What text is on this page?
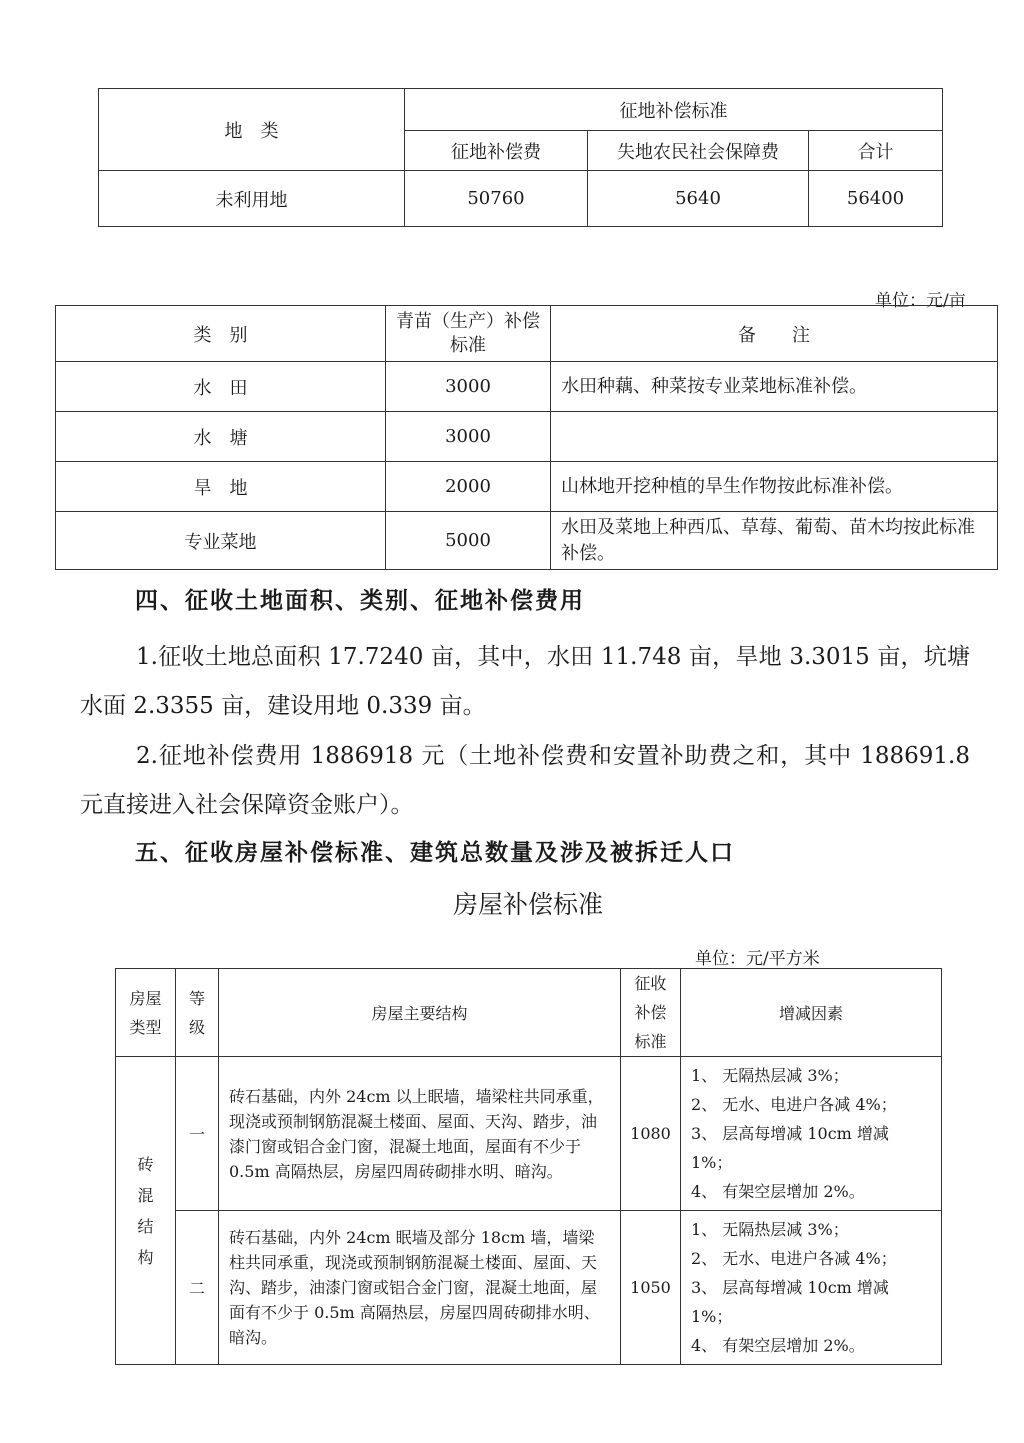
地　类	征地补偿标准		
	征地补偿费	失地农民社会保障费	合计
未利用地	50760	5640	56400
单位：元/亩
类　别	青苗（生产）补偿标准	备　　注
水　田	3000	水田种藕、种菜按专业菜地标准补偿。
水　塘	3000	
旱　地	2000	山林地开挖种植的旱生作物按此标准补偿。
专业菜地	5000	水田及菜地上种西瓜、草莓、葡萄、苗木均按此标准补偿。
四、征收土地面积、类别、征地补偿费用
1.征收土地总面积 17.7240 亩，其中，水田 11.748 亩，旱地 3.3015 亩，坑塘水面 2.3355 亩，建设用地 0.339 亩。
2.征地补偿费用 1886918 元（土地补偿费和安置补助费之和，其中 188691.8 元直接进入社会保障资金账户）。
五、征收房屋补偿标准、建筑总数量及涉及被拆迁人口
房屋补偿标准
单位：元/平方米
房屋类型	等级	房屋主要结构	征收补偿标准	增减因素
砖混结构	一	砖石基础，内外 24cm 以上眠墙，墙梁柱共同承重，现浇或预制钢筋混凝土楼面、屋面、天沟、踏步，油漆门窗或铝合金门窗，混凝土地面，屋面有不少于 0.5m 高隔热层，房屋四周砖砌排水明、暗沟。	1080	1、 无隔热层减 3%；
2、 无水、电进户各减 4%；
3、 层高每增减 10cm 增减 1%；
4、 有架空层增加 2%。

	二	砖石基础，内外 24cm 眠墙及部分 18cm 墙，墙梁柱共同承重，现浇或预制钢筋混凝土楼面、屋面、天沟、踏步，油漆门窗或铝合金门窗，混凝土地面，屋面有不少于 0.5m 高隔热层，房屋四周砖砌排水明、暗沟。	1050	1、 无隔热层减 3%；
2、 无水、电进户各减 4%；
3、 层高每增减 10cm 增减 1%；
4、 有架空层增加 2%。
